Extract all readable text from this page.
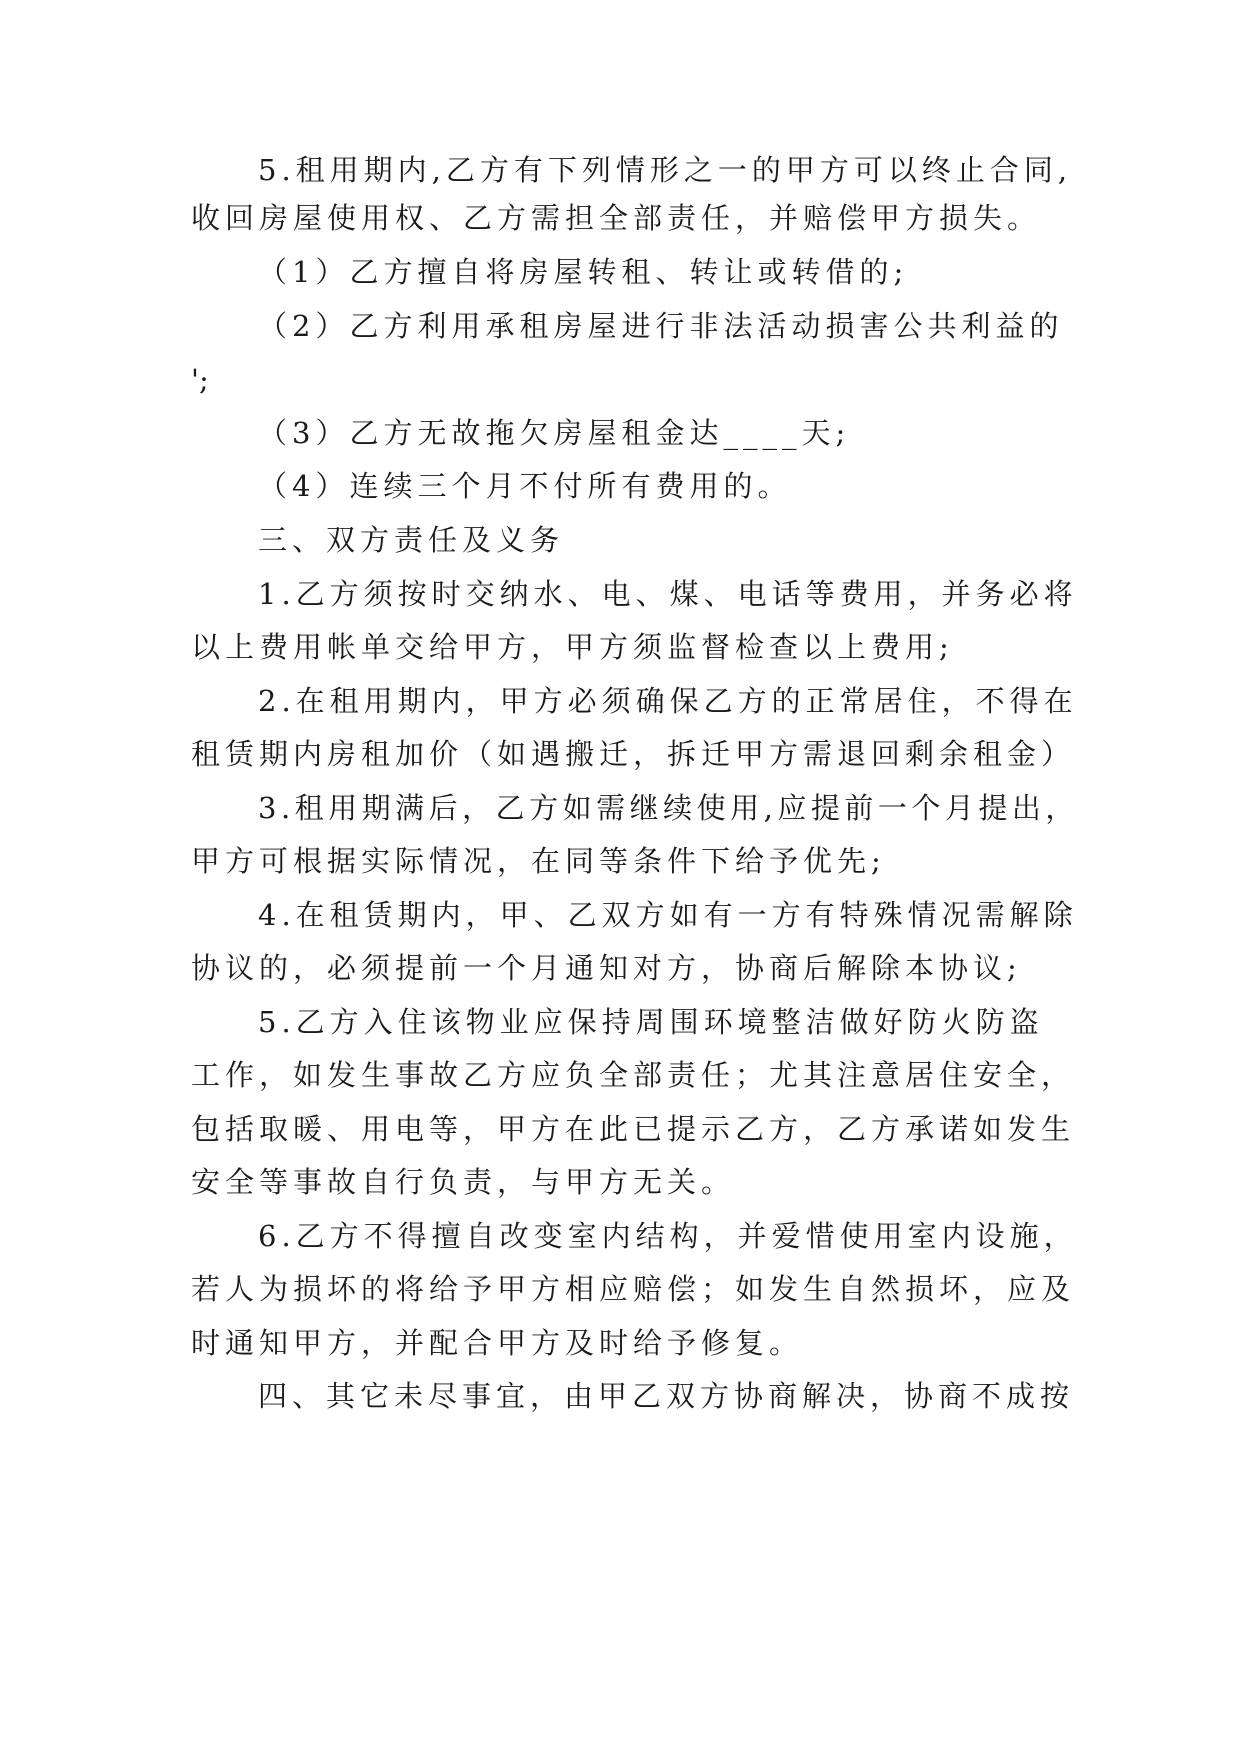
5.租用期内,乙方有下列情形之一的甲方可以终止合同,
收回房屋使用权、乙方需担全部责任，并赔偿甲方损失。
（1）乙方擅自将房屋转租、转让或转借的;
（2）乙方利用承租房屋进行非法活动损害公共利益的
';
（3）乙方无故拖欠房屋租金达____天;
（4）连续三个月不付所有费用的。
三、双方责任及义务
1.乙方须按时交纳水、电、煤、电话等费用，并务必将
以上费用帐单交给甲方，甲方须监督检查以上费用;
2.在租用期内，甲方必须确保乙方的正常居住，不得在
租赁期内房租加价（如遇搬迁，拆迁甲方需退回剩余租金）
3.租用期满后，乙方如需继续使用,应提前一个月提出，
甲方可根据实际情况，在同等条件下给予优先;
4.在租赁期内，甲、乙双方如有一方有特殊情况需解除
协议的，必须提前一个月通知对方，协商后解除本协议;
5.乙方入住该物业应保持周围环境整洁做好防火防盗
工作，如发生事故乙方应负全部责任；尤其注意居住安全，
包括取暖、用电等，甲方在此已提示乙方，乙方承诺如发生
安全等事故自行负责，与甲方无关。
6.乙方不得擅自改变室内结构，并爱惜使用室内设施，
若人为损坏的将给予甲方相应赔偿；如发生自然损坏，应及
时通知甲方，并配合甲方及时给予修复。
四、其它未尽事宜，由甲乙双方协商解决，协商不成按
